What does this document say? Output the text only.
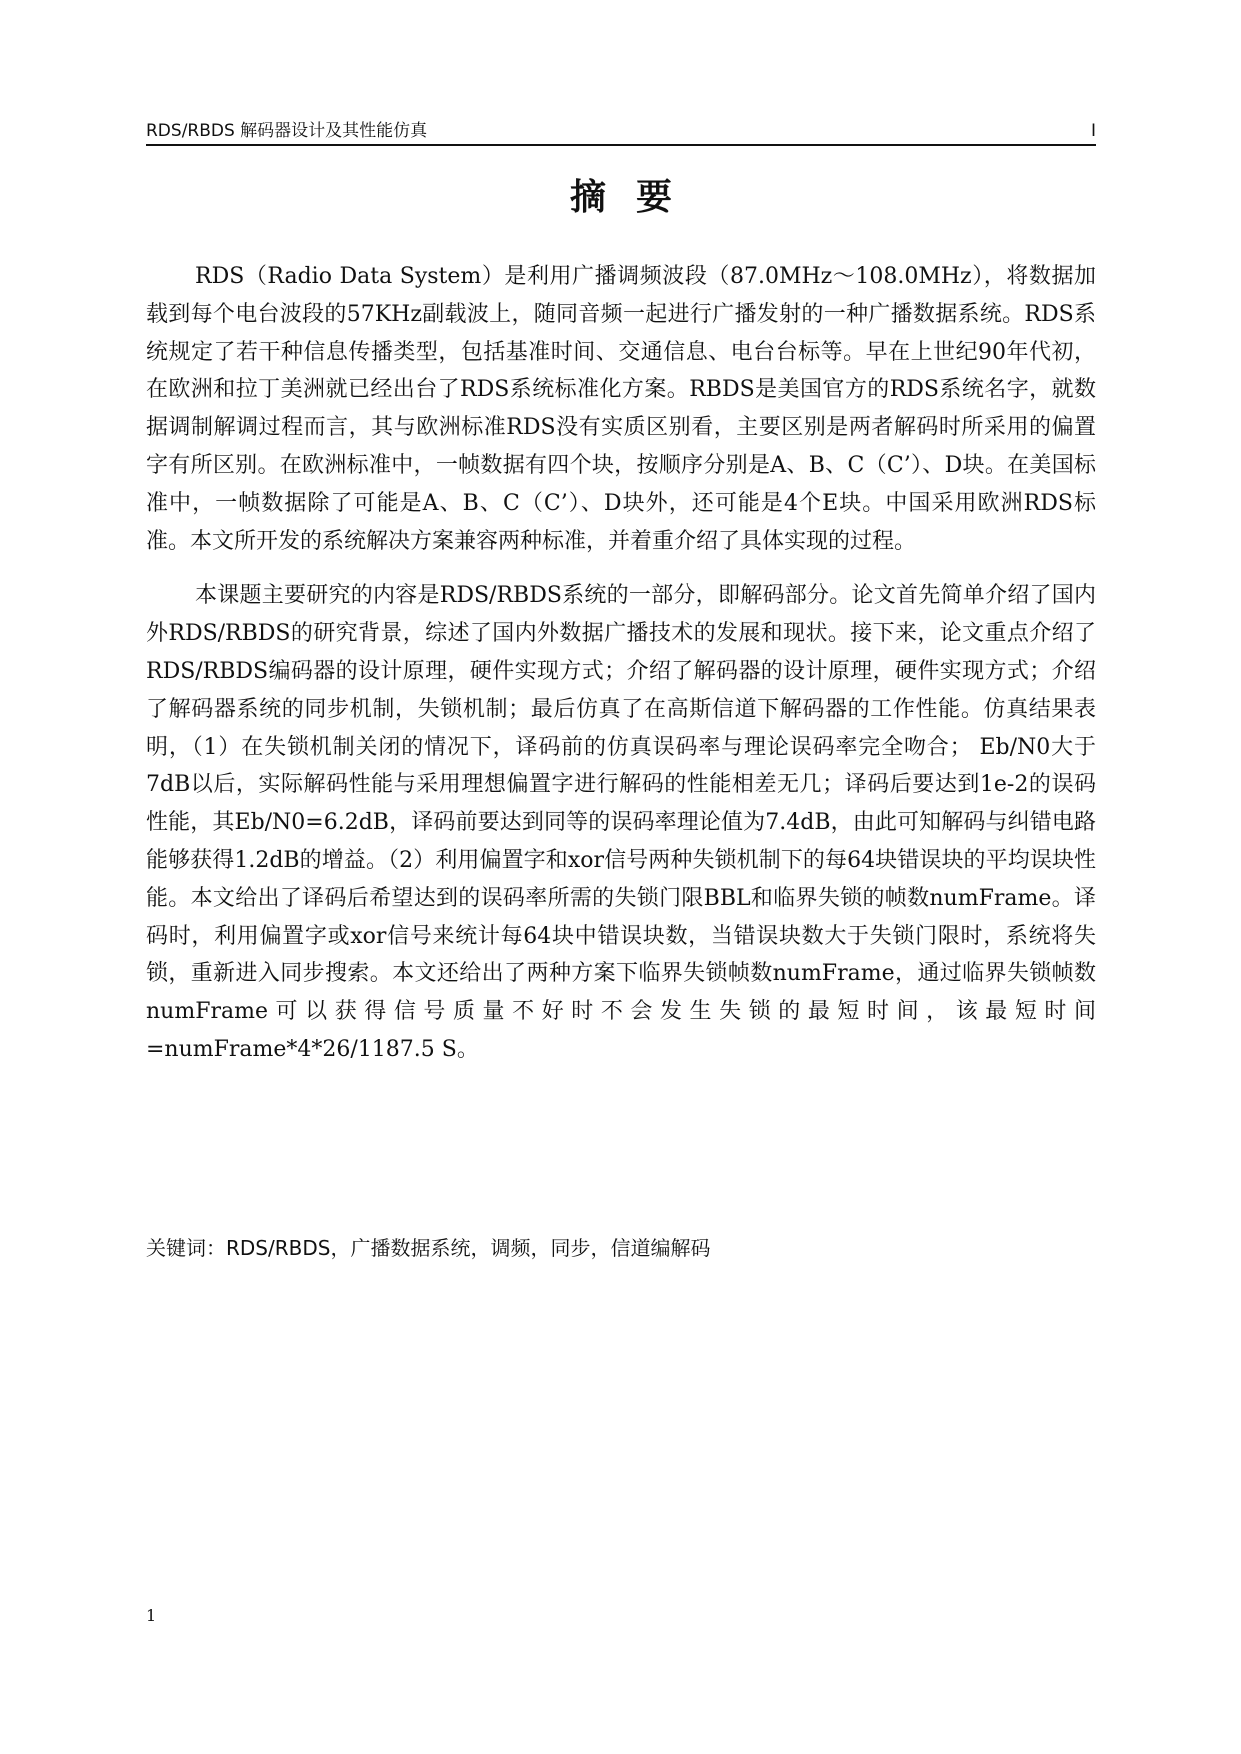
RDS/RBDS 解码器设计及其性能仿真	I
摘要

RDS（Radio Data System）是利用广播调频波段（87.0MHz～108.0MHz），将数据加载到每个电台波段的57KHz副载波上，随同音频一起进行广播发射的一种广播数据系统。RDS系统规定了若干种信息传播类型，包括基准时间、交通信息、电台台标等。早在上世纪90年代初，在欧洲和拉丁美洲就已经出台了RDS系统标准化方案。RBDS是美国官方的RDS系统名字，就数据调制解调过程而言，其与欧洲标准RDS没有实质区别看，主要区别是两者解码时所采用的偏置字有所区别。在欧洲标准中，一帧数据有四个块，按顺序分别是A、B、C（C’）、D块。在美国标准中，一帧数据除了可能是A、B、C（C’）、D块外，还可能是4个E块。中国采用欧洲RDS标准。本文所开发的系统解决方案兼容两种标准，并着重介绍了具体实现的过程。

本课题主要研究的内容是RDS/RBDS系统的一部分，即解码部分。论文首先简单介绍了国内外RDS/RBDS的研究背景，综述了国内外数据广播技术的发展和现状。接下来，论文重点介绍了RDS/RBDS编码器的设计原理，硬件实现方式；介绍了解码器的设计原理，硬件实现方式；介绍了解码器系统的同步机制，失锁机制；最后仿真了在高斯信道下解码器的工作性能。仿真结果表明，（1）在失锁机制关闭的情况下，译码前的仿真误码率与理论误码率完全吻合； Eb/N0大于7dB以后，实际解码性能与采用理想偏置字进行解码的性能相差无几；译码后要达到1e-2的误码性能，其Eb/N0=6.2dB，译码前要达到同等的误码率理论值为7.4dB，由此可知解码与纠错电路能够获得1.2dB的增益。（2）利用偏置字和xor信号两种失锁机制下的每64块错误块的平均误块性能。本文给出了译码后希望达到的误码率所需的失锁门限BBL和临界失锁的帧数numFrame。译码时，利用偏置字或xor信号来统计每64块中错误块数，当错误块数大于失锁门限时，系统将失锁，重新进入同步搜索。本文还给出了两种方案下临界失锁帧数numFrame，通过临界失锁帧数numFrame可以获得信号质量不好时不会发生失锁的最短时间，该最短时间=numFrame*4*26/1187.5 S。

关键词：RDS/RBDS，广播数据系统，调频，同步，信道编解码
1
